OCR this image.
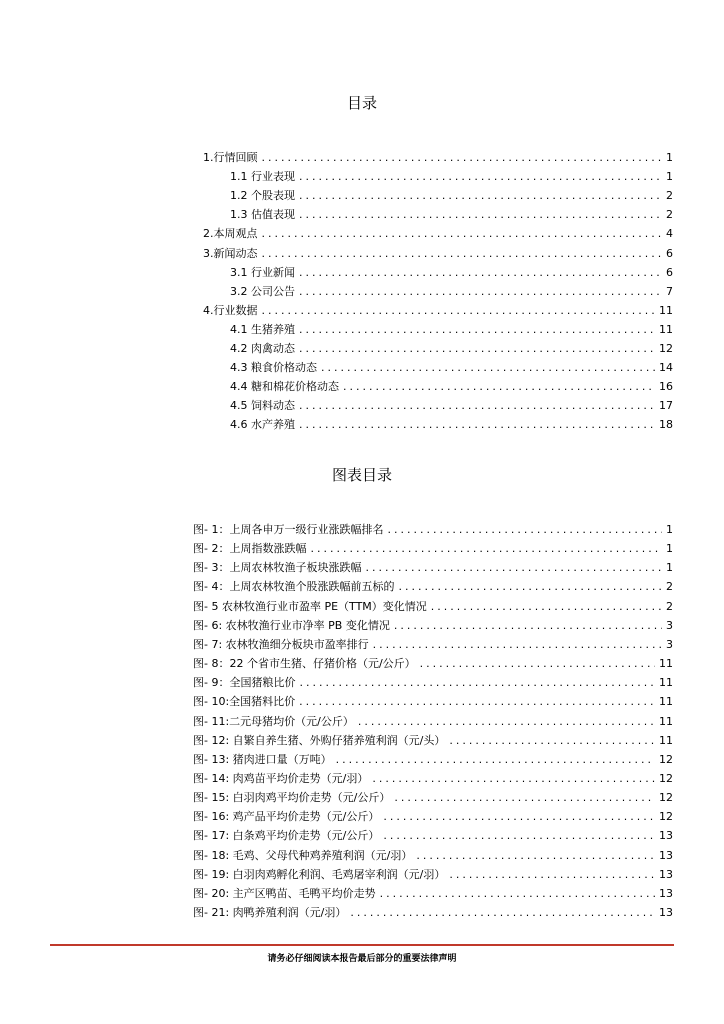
目录
1.行情回顾 .....	1
1.1 行业表现 .....	1
1.2 个股表现 .....	2
1.3 估值表现 .....	2
2.本周观点 .....	4
3.新闻动态 .....	6
3.1 行业新闻 .....	6
3.2 公司公告 .....	7
4.行业数据 .....	11
4.1 生猪养殖 .....	11
4.2 肉禽动态 .....	12
4.3 粮食价格动态 .....	14
4.4 糖和棉花价格动态 .....	16
4.5 饲料动态 .....	17
4.6 水产养殖 .....	18
图表目录
图- 1：上周各申万一级行业涨跌幅排名 .....	1
图- 2：上周指数涨跌幅 .....	1
图- 3：上周农林牧渔子板块涨跌幅 .....	1
图- 4：上周农林牧渔个股涨跌幅前五标的 .....	2
图- 5 农林牧渔行业市盈率 PE（TTM）变化情况 .....	2
图- 6: 农林牧渔行业市净率 PB 变化情况 .....	3
图- 7: 农林牧渔细分板块市盈率排行 .....	3
图- 8：22 个省市生猪、仔猪价格（元/公斤） .....	11
图- 9：全国猪粮比价 .....	11
图- 10:全国猪料比价 .....	11
图- 11:二元母猪均价（元/公斤） .....	11
图- 12: 自繁自养生猪、外购仔猪养殖利润（元/头） .....	11
图- 13: 猪肉进口量（万吨） .....	12
图- 14: 肉鸡苗平均价走势（元/羽） .....	12
图- 15: 白羽肉鸡平均价走势（元/公斤） .....	12
图- 16: 鸡产品平均价走势（元/公斤） .....	12
图- 17: 白条鸡平均价走势（元/公斤） .....	13
图- 18: 毛鸡、父母代种鸡养殖利润（元/羽） .....	13
图- 19: 白羽肉鸡孵化利润、毛鸡屠宰利润（元/羽） .....	13
图- 20: 主产区鸭苗、毛鸭平均价走势 .....	13
图- 21: 肉鸭养殖利润（元/羽） .....	13
请务必仔细阅读本报告最后部分的重要法律声明
